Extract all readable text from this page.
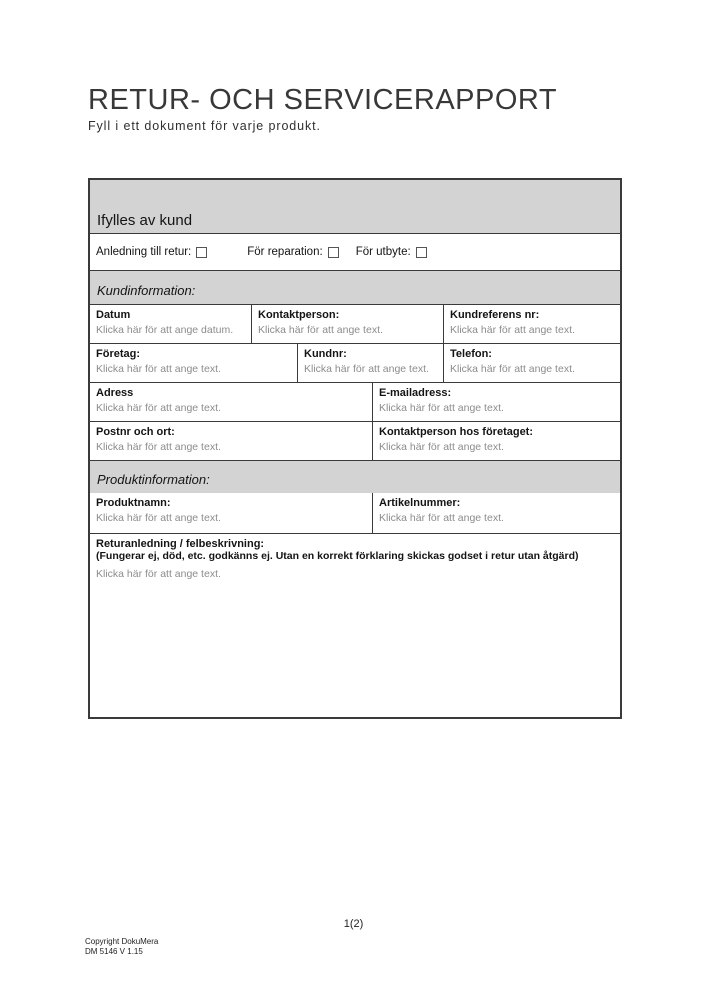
RETUR- OCH SERVICERAPPORT
Fyll i ett dokument för varje produkt.
Ifylles av kund
Anledning till retur:	För reparation:	För utbyte:
Kundinformation:
Datum
Klicka här för att ange datum.
Kontaktperson:
Klicka här för att ange text.
Kundreferens nr:
Klicka här för att ange text.
Företag:
Klicka här för att ange text.
Kundnr:
Klicka här för att ange text.
Telefon:
Klicka här för att ange text.
Adress
Klicka här för att ange text.
E-mailadress:
Klicka här för att ange text.
Postnr och ort:
Klicka här för att ange text.
Kontaktperson hos företaget:
Klicka här för att ange text.
Produktinformation:
Produktnamn:
Klicka här för att ange text.
Artikelnummer:
Klicka här för att ange text.
Returanledning / felbeskrivning:
(Fungerar ej, död, etc. godkänns ej. Utan en korrekt förklaring skickas godset i retur utan åtgärd)
Klicka här för att ange text.
1(2)
Copyright DokuMera
DM 5146 V 1.15
